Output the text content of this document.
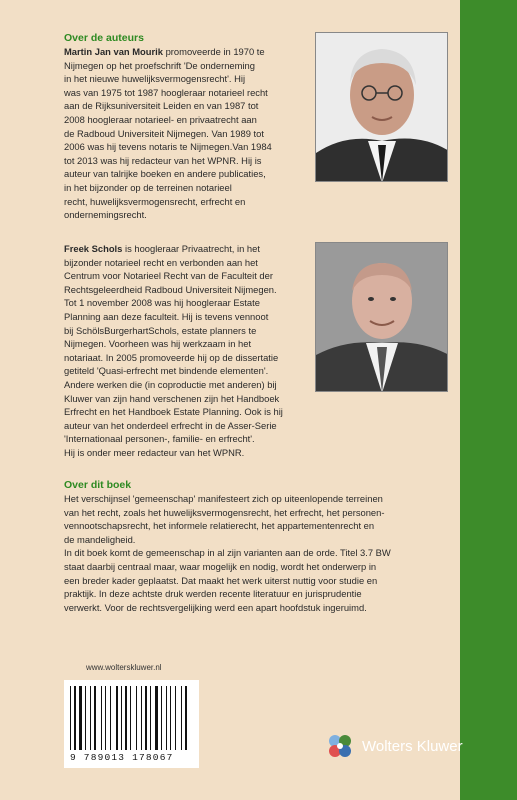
Over de auteurs
Martin Jan van Mourik promoveerde in 1970 te
Nijmegen op het proefschrift 'De onderneming
in het nieuwe huwelijksvermogensrecht'. Hij
was van 1975 tot 1987 hoogleraar notarieel recht
aan de Rijksuniversiteit Leiden en van 1987 tot
2008 hoogleraar notarieel- en privaatrecht aan
de Radboud Universiteit Nijmegen. Van 1989 tot
2006 was hij tevens notaris te Nijmegen.Van 1984
tot 2013 was hij redacteur van het WPNR. Hij is
auteur van talrijke boeken en andere publicaties,
in het bijzonder op de terreinen notarieel
recht, huwelijksvermogensrecht, erfrecht en
ondernemingsrecht.
Freek Schols is hoogleraar Privaatrecht, in het
bijzonder notarieel recht en verbonden aan het
Centrum voor Notarieel Recht van de Faculteit der
Rechtsgeleerdheid Radboud Universiteit Nijmegen.
Tot 1 november 2008 was hij hoogleraar Estate
Planning aan deze faculteit. Hij is tevens vennoot
bij SchölsBurgerhartSchols, estate planners te
Nijmegen. Voorheen was hij werkzaam in het
notariaat. In 2005 promoveerde hij op de dissertatie
getiteld 'Quasi-erfrecht met bindende elementen'.
Andere werken die (in coproductie met anderen) bij
Kluwer van zijn hand verschenen zijn het Handboek
Erfrecht en het Handboek Estate Planning. Ook is hij
auteur van het onderdeel erfrecht in de Asser-Serie
'Internationaal personen-, familie- en erfrecht'.
Hij is onder meer redacteur van het WPNR.
Over dit boek
Het verschijnsel 'gemeenschap' manifesteert zich op uiteenlopende terreinen
van het recht, zoals het huwelijksvermogensrecht, het erfrecht, het personen-
vennootschapsrecht, het informele relatierecht, het appartementenrecht en
de mandeligheid.
In dit boek komt de gemeenschap in al zijn varianten aan de orde. Titel 3.7 BW
staat daarbij centraal maar, waar mogelijk en nodig, wordt het onderwerp in
een breder kader geplaatst. Dat maakt het werk uiterst nuttig voor studie en
praktijk. In deze achtste druk werden recente literatuur en jurisprudentie
verwerkt. Voor de rechtsvergelijking werd een apart hoofdstuk ingeruimd.
www.wolterskluwer.nl
9 789013 178067
Wolters Kluwer
